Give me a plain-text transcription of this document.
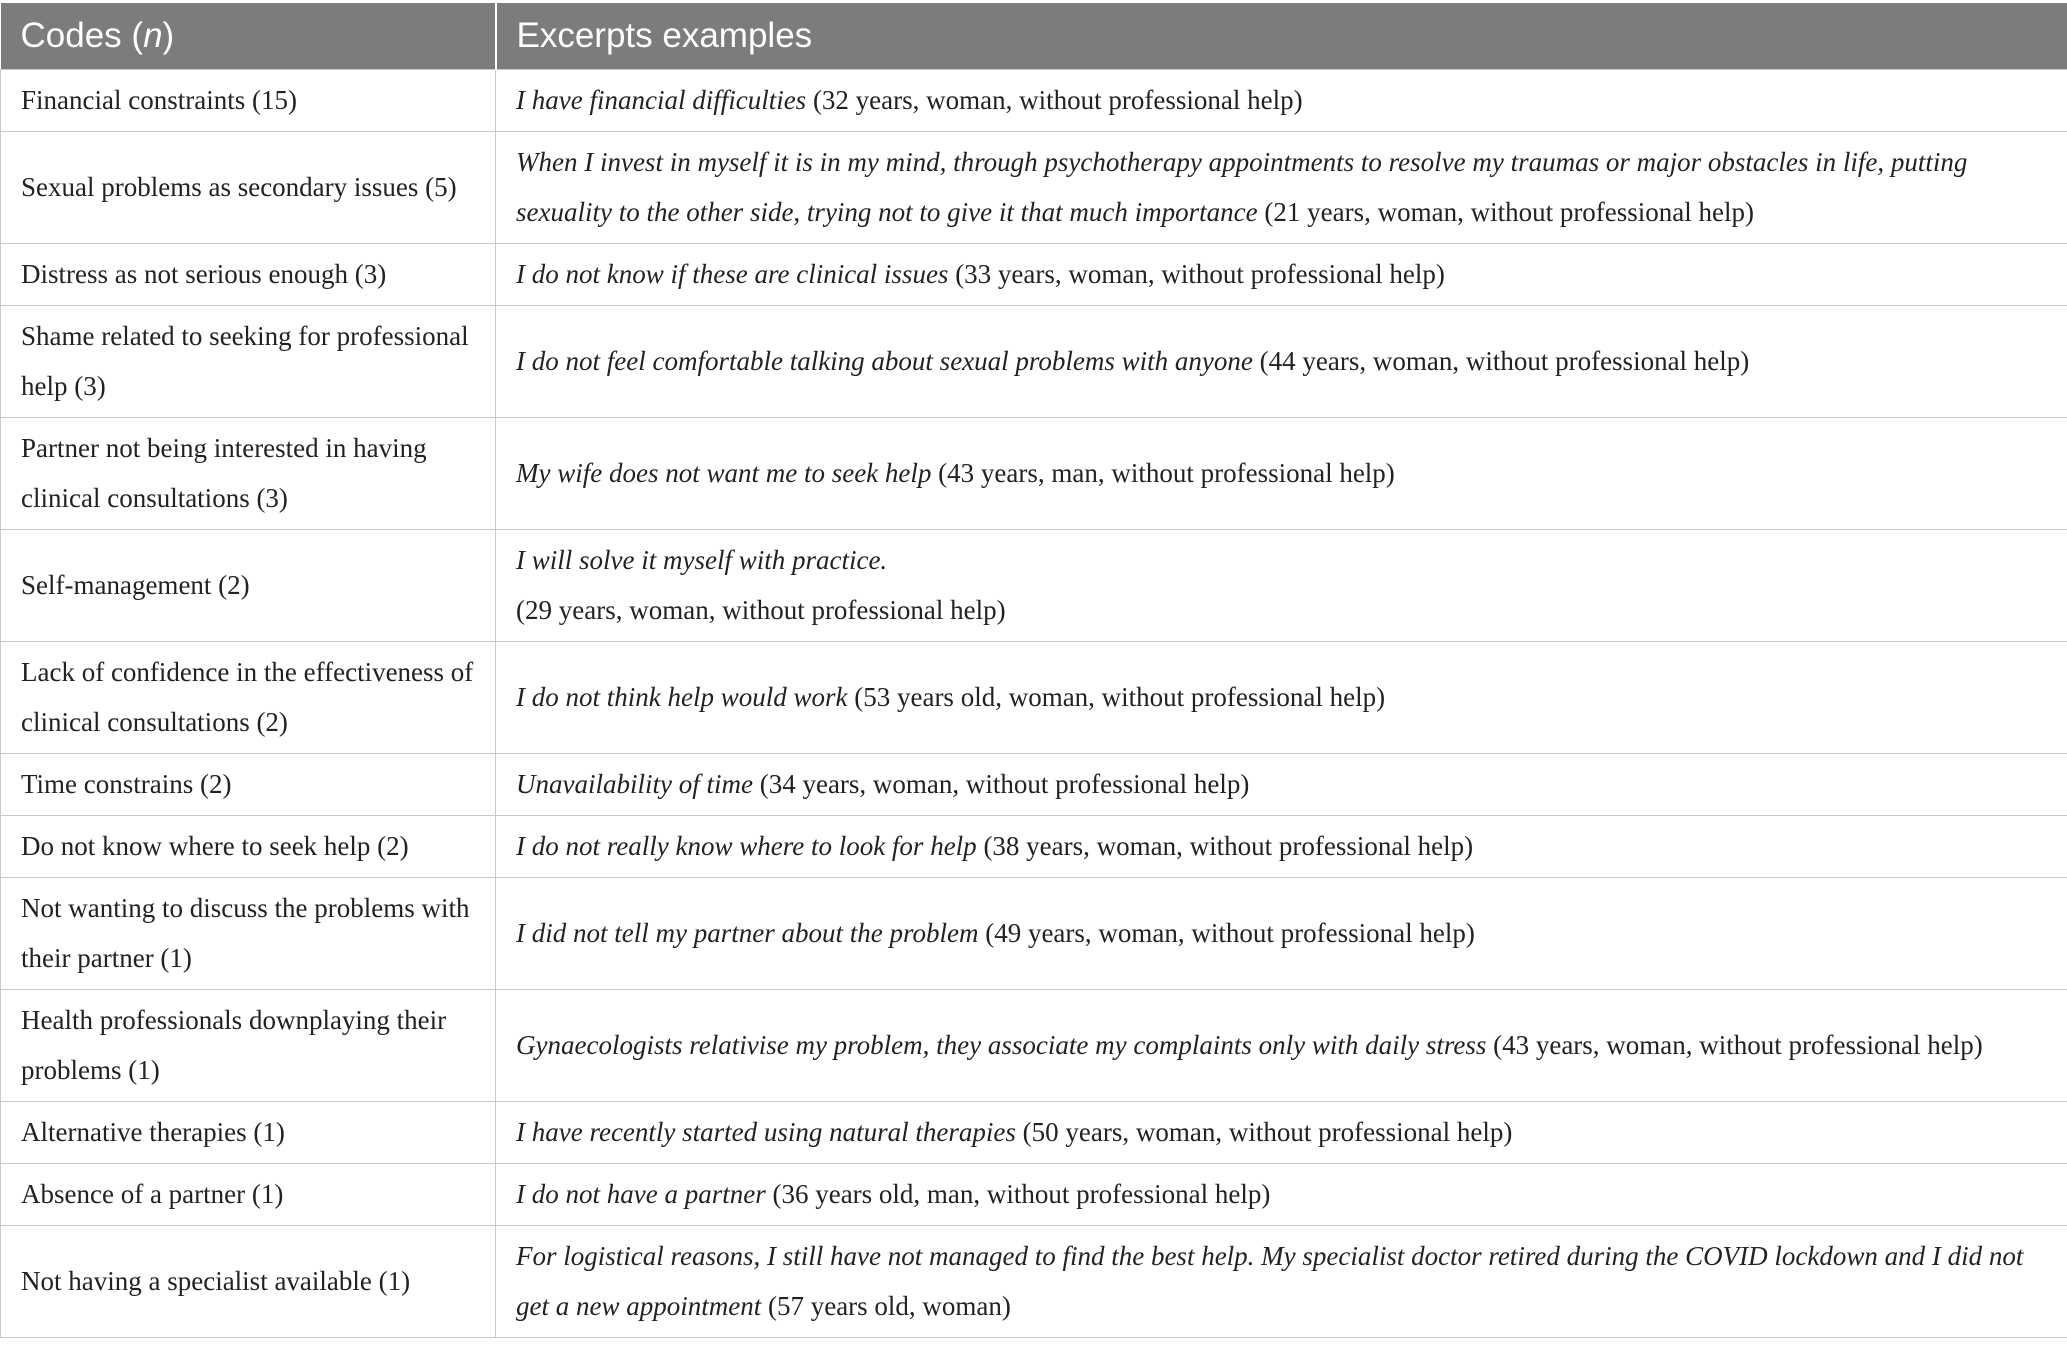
Codes (n)	Excerpts examples
Financial constraints (15)	I have financial difficulties (32 years, woman, without professional help)
Sexual problems as secondary issues (5)	When I invest in myself it is in my mind, through psychotherapy appointments to resolve my traumas or major obstacles in life, putting sexuality to the other side, trying not to give it that much importance (21 years, woman, without professional help)
Distress as not serious enough (3)	I do not know if these are clinical issues (33 years, woman, without professional help)
Shame related to seeking for professional help (3)	I do not feel comfortable talking about sexual problems with anyone (44 years, woman, without professional help)
Partner not being interested in having clinical consultations (3)	My wife does not want me to seek help (43 years, man, without professional help)
Self-management (2)	I will solve it myself with practice.
(29 years, woman, without professional help)
Lack of confidence in the effectiveness of clinical consultations (2)	I do not think help would work (53 years old, woman, without professional help)
Time constrains (2)	Unavailability of time (34 years, woman, without professional help)
Do not know where to seek help (2)	I do not really know where to look for help (38 years, woman, without professional help)
Not wanting to discuss the problems with their partner (1)	I did not tell my partner about the problem (49 years, woman, without professional help)
Health professionals downplaying their problems (1)	Gynaecologists relativise my problem, they associate my complaints only with daily stress (43 years, woman, without professional help)
Alternative therapies (1)	I have recently started using natural therapies (50 years, woman, without professional help)
Absence of a partner (1)	I do not have a partner (36 years old, man, without professional help)
Not having a specialist available (1)	For logistical reasons, I still have not managed to find the best help. My specialist doctor retired during the COVID lockdown and I did not get a new appointment (57 years old, woman)
